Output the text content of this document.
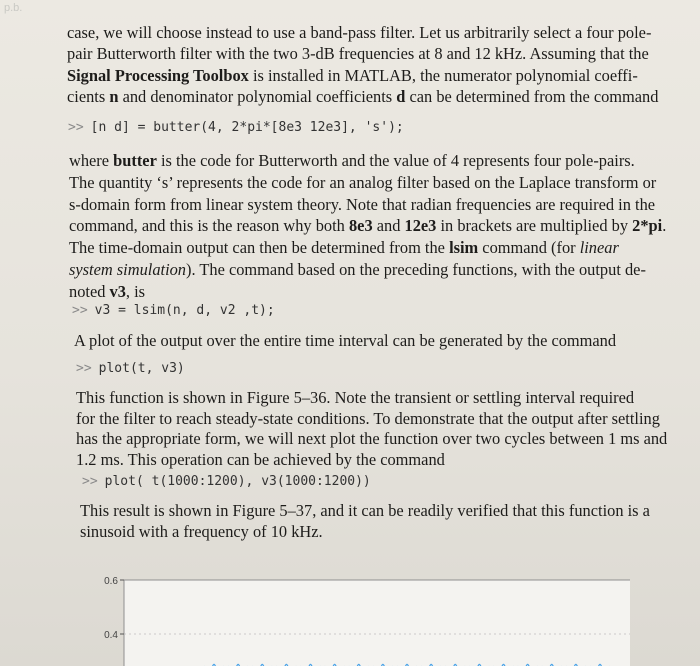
p.b.
case, we will choose instead to use a band-pass filter. Let us arbitrarily select a four pole-
pair Butterworth filter with the two 3-dB frequencies at 8 and 12 kHz. Assuming that the
Signal Processing Toolbox is installed in MATLAB, the numerator polynomial coeffi-
cients n and denominator polynomial coefficients d can be determined from the command
>> [n d] = butter(4, 2*pi*[8e3 12e3], 's');
where butter is the code for Butterworth and the value of 4 represents four pole-pairs.
The quantity ‘s’ represents the code for an analog filter based on the Laplace transform or
s-domain form from linear system theory. Note that radian frequencies are required in the
command, and this is the reason why both 8e3 and 12e3 in brackets are multiplied by 2*pi.
The time-domain output can then be determined from the lsim command (for linear
system simulation). The command based on the preceding functions, with the output de-
noted v3, is
>> v3 = lsim(n, d, v2 ,t);
A plot of the output over the entire time interval can be generated by the command
>> plot(t, v3)
This function is shown in Figure 5–36. Note the transient or settling interval required
for the filter to reach steady-state conditions. To demonstrate that the output after settling
has the appropriate form, we will next plot the function over two cycles between 1 ms and
1.2 ms. This operation can be achieved by the command
>> plot( t(1000:1200), v3(1000:1200))
This result is shown in Figure 5–37, and it can be readily verified that this function is a
sinusoid with a frequency of 10 kHz.
0.6
0.4
